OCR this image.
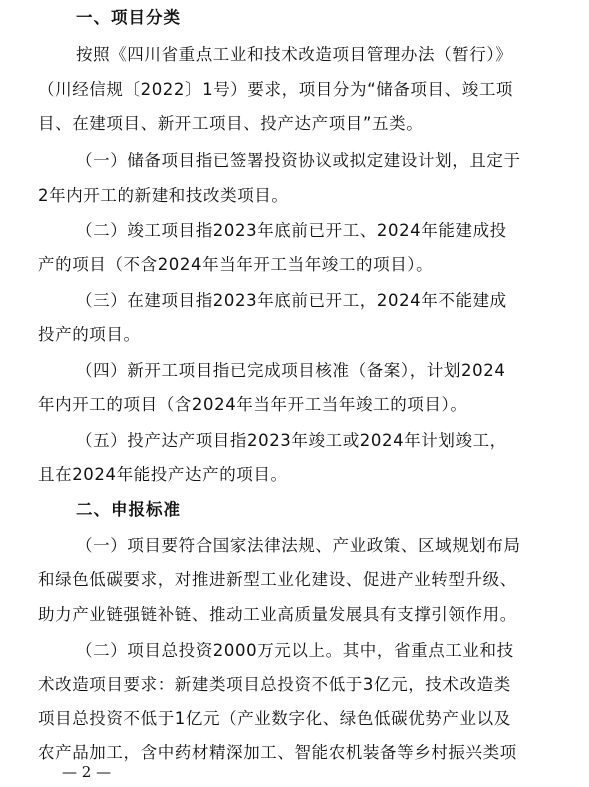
一、项目分类
按照《四川省重点工业和技术改造项目管理办法（暂行）》
（川经信规〔2022〕1号）要求，项目分为“储备项目、竣工项
目、在建项目、新开工项目、投产达产项目”五类。
（一）储备项目指已签署投资协议或拟定建设计划，且定于
2年内开工的新建和技改类项目。
（二）竣工项目指2023年底前已开工、2024年能建成投
产的项目（不含2024年当年开工当年竣工的项目）。
（三）在建项目指2023年底前已开工，2024年不能建成
投产的项目。
（四）新开工项目指已完成项目核准（备案），计划2024
年内开工的项目（含2024年当年开工当年竣工的项目）。
（五）投产达产项目指2023年竣工或2024年计划竣工，
且在2024年能投产达产的项目。
二、申报标准
（一）项目要符合国家法律法规、产业政策、区域规划布局
和绿色低碳要求，对推进新型工业化建设、促进产业转型升级、
助力产业链强链补链、推动工业高质量发展具有支撑引领作用。
（二）项目总投资2000万元以上。其中，省重点工业和技
术改造项目要求：新建类项目总投资不低于3亿元，技术改造类
项目总投资不低于1亿元（产业数字化、绿色低碳优势产业以及
农产品加工，含中药材精深加工、智能农机装备等乡村振兴类项
— 2 —
